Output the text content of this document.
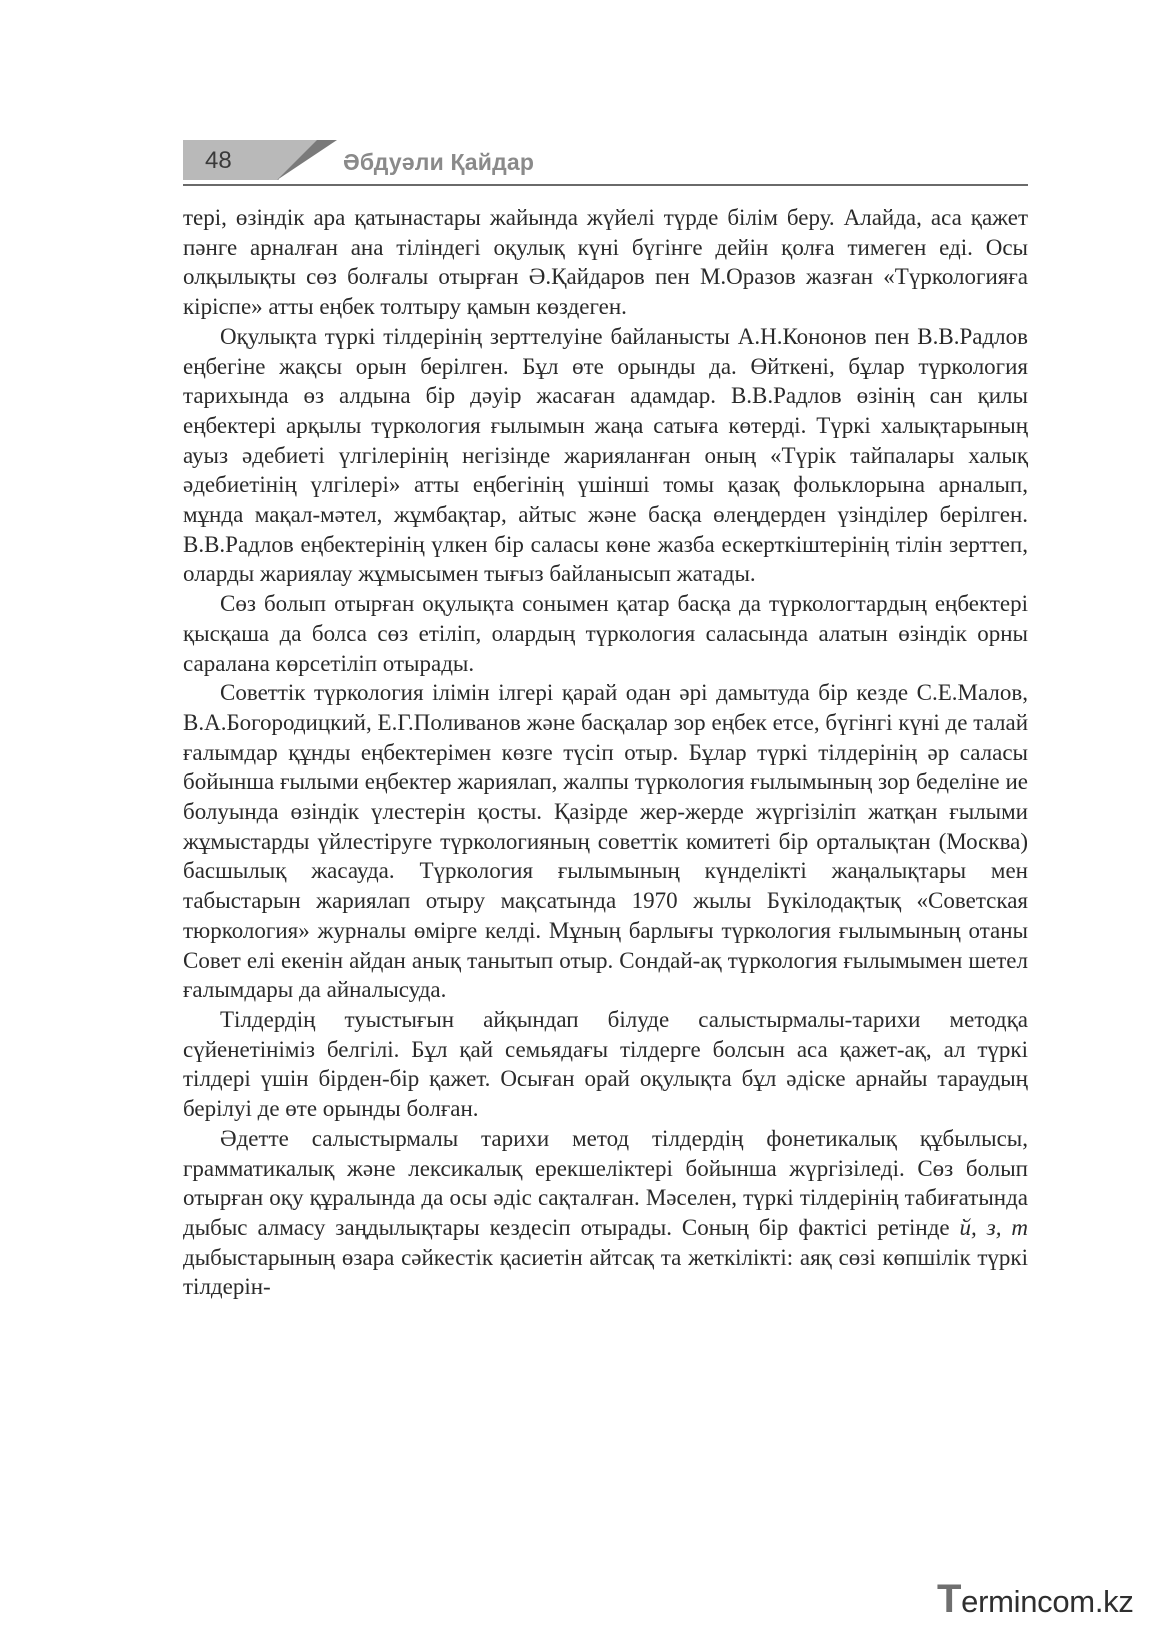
48	Әбдуәли Қайдар

тері, өзіндік ара қатынастары жайында жүйелі түрде білім беру. Алайда, аса қажет пәнге арналған ана тіліндегі оқулық күні бүгінге дейін қолға тимеген еді. Осы олқылықты сөз болғалы отырған Ә.Қайдаров пен М.Оразов жазған «Түркологияға кіріспе» атты еңбек толтыру қамын көздеген.

Оқулықта түркі тілдерінің зерттелуіне байланысты А.Н.Кононов пен В.В.Радлов еңбегіне жақсы орын берілген. Бұл өте орынды да. Өйткені, бұлар түркология тарихында өз алдына бір дәуір жасаған адамдар. В.В.Радлов өзінің сан қилы еңбектері арқылы түркология ғылымын жаңа сатыға көтерді. Түркі халықтарының ауыз әдебиеті үлгілерінің негізінде жарияланған оның «Түрік тайпалары халық әдебиетінің үлгілері» атты еңбегінің үшінші томы қазақ фольклорына арналып, мұнда мақал-мәтел, жұмбақтар, айтыс және басқа өлеңдерден үзінділер берілген. В.В.Радлов еңбектерінің үлкен бір саласы көне жазба ескерткіштерінің тілін зерттеп, оларды жариялау жұмысымен тығыз байланысып жатады.

Сөз болып отырған оқулықта сонымен қатар басқа да түркологтардың еңбектері қысқаша да болса сөз етіліп, олардың түркология саласында алатын өзіндік орны саралана көрсетіліп отырады.

Советтік түркология ілімін ілгері қарай одан әрі дамытуда бір кезде С.Е.Малов, В.А.Богородицкий, Е.Г.Поливанов және басқалар зор еңбек етсе, бүгінгі күні де талай ғалымдар құнды еңбектерімен көзге түсіп отыр. Бұлар түркі тілдерінің әр саласы бойынша ғылыми еңбектер жариялап, жалпы түркология ғылымының зор беделіне ие болуында өзіндік үлестерін қосты. Қазірде жер-жерде жүргізіліп жатқан ғылыми жұмыстарды үйлестіруге түркологияның советтік комитеті бір орталықтан (Москва) басшылық жасауда. Түркология ғылымының күнделікті жаңалықтары мен табыстарын жариялап отыру мақсатында 1970 жылы Бүкілодақтық «Советская тюркология» журналы өмірге келді. Мұның барлығы түркология ғылымының отаны Совет елі екенін айдан анық танытып отыр. Сондай-ақ түркология ғылымымен шетел ғалымдары да айналысуда.

Тілдердің туыстығын айқындап білуде салыстырмалы-тарихи методқа сүйенетініміз белгілі. Бұл қай семьядағы тілдерге болсын аса қажет-ақ, ал түркі тілдері үшін бірден-бір қажет. Осыған орай оқулықта бұл әдіске арнайы тараудың берілуі де өте орынды болған.

Әдетте салыстырмалы тарихи метод тілдердің фонетикалық құбылысы, грамматикалық және лексикалық ерекшеліктері бойынша жүргізіледі. Сөз болып отырған оқу құралында да осы әдіс сақталған. Мәселен, түркі тілдерінің табиғатында дыбыс алмасу заңдылықтары кездесіп отырады. Соның бір фактісі ретінде й, з, т дыбыстарының өзара сәйкестік қасиетін айтсақ та жеткілікті: аяқ сөзі көпшілік түркі тілдерін-

Termincom.kz
